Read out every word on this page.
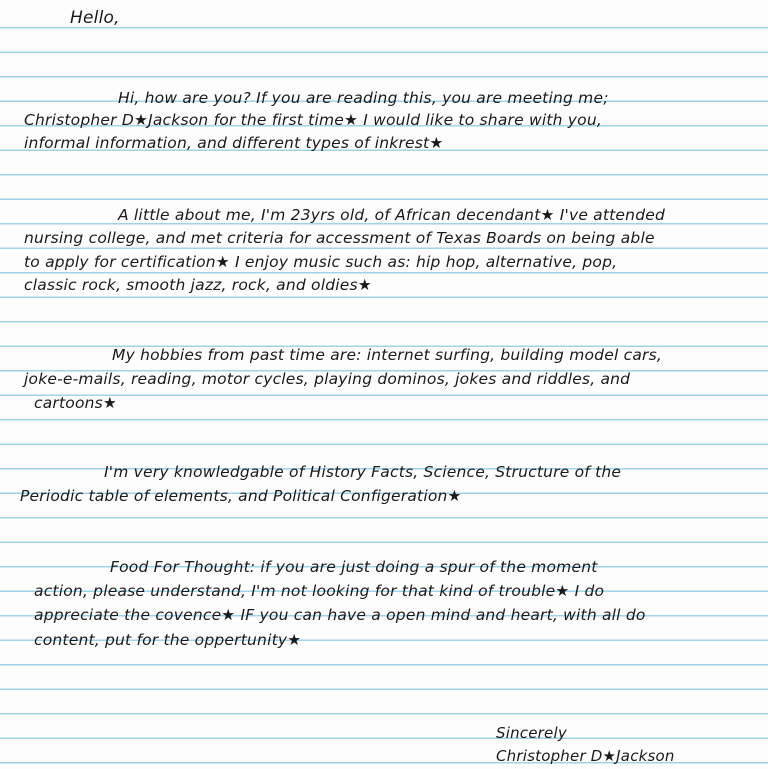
Hello,
Hi, how are you? If you are reading this, you are meeting me;
Christopher D★Jackson for the first time★ I would like to share with you,
informal information, and different types of inkrest★
A little about me, I'm 23yrs old, of African decendant★ I've attended
nursing college, and met criteria for accessment of Texas Boards on being able
to apply for certification★ I enjoy music such as: hip hop, alternative, pop,
classic rock, smooth jazz, rock, and oldies★
My hobbies from past time are: internet surfing, building model cars,
joke-e-mails, reading, motor cycles, playing dominos, jokes and riddles, and
cartoons★
I'm very knowledgable of History Facts, Science, Structure of the
Periodic table of elements, and Political Configeration★
Food For Thought: if you are just doing a spur of the moment
action, please understand, I'm not looking for that kind of trouble★ I do
appreciate the covence★ IF you can have a open mind and heart, with all do
content, put for the oppertunity★
Sincerely
Christopher D★Jackson
